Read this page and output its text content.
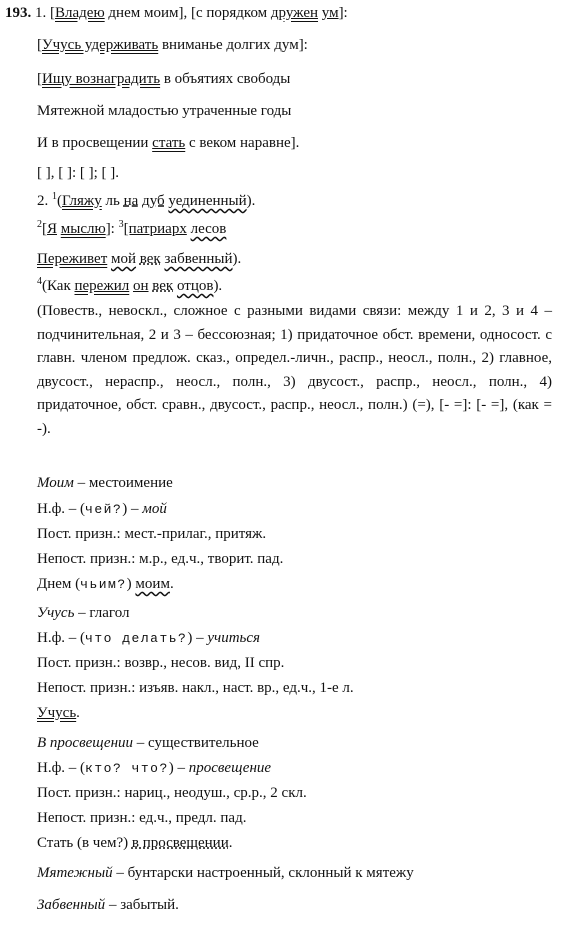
193. 1. [Владею днем моим], [с порядком дружен ум]:
[Учусь удерживать вниманье долгих дум]:
[Ищу вознаградить в объятиях свободы
Мятежной младостью утраченные годы
И в просвещении стать с веком наравне].
[ ], [ ]: [ ]; [ ].
2. $^1$(Гляжу ль на дуб уединенный).
$^2$[Я мыслю]: $^3$[патриарх лесов
Переживет мой век забвенный).
$^4$(Как пережил он век отцов).
(Повеств., невоскл., сложное с разными видами связи: между 1 и 2, 3 и 4 – подчинительная, 2 и 3 – бессоюзная; 1) придаточное обст. времени, односост. с главн. членом предлож. сказ., определ.-личн., распр., неосл., полн., 2) главное, двусост., нераспр., неосл., полн., 3) двусост., распр., неосл., полн., 4) придаточное, обст. сравн., двусост., распр., неосл., полн.) (=), [- =]: [- =], (как = -).
Моим – местоимение
Н.ф. – (чей?) – мой
Пост. призн.: мест.-прилаг., притяж.
Непост. призн.: м.р., ед.ч., творит. пад.
Днем (чьим?) моим.
Учусь – глагол
Н.ф. – (что делать?) – учиться
Пост. призн.: возвр., несов. вид, II спр.
Непост. призн.: изъяв. накл., наст. вр., ед.ч., 1-е л.
Учусь.
В просвещении – существительное
Н.ф. – (кто? что?) – просвещение
Пост. призн.: нариц., неодуш., ср.р., 2 скл.
Непост. призн.: ед.ч., предл. пад.
Стать (в чем?) в просвещении.
Мятежный – бунтарски настроенный, склонный к мятежу
Забвенный – забытый.
